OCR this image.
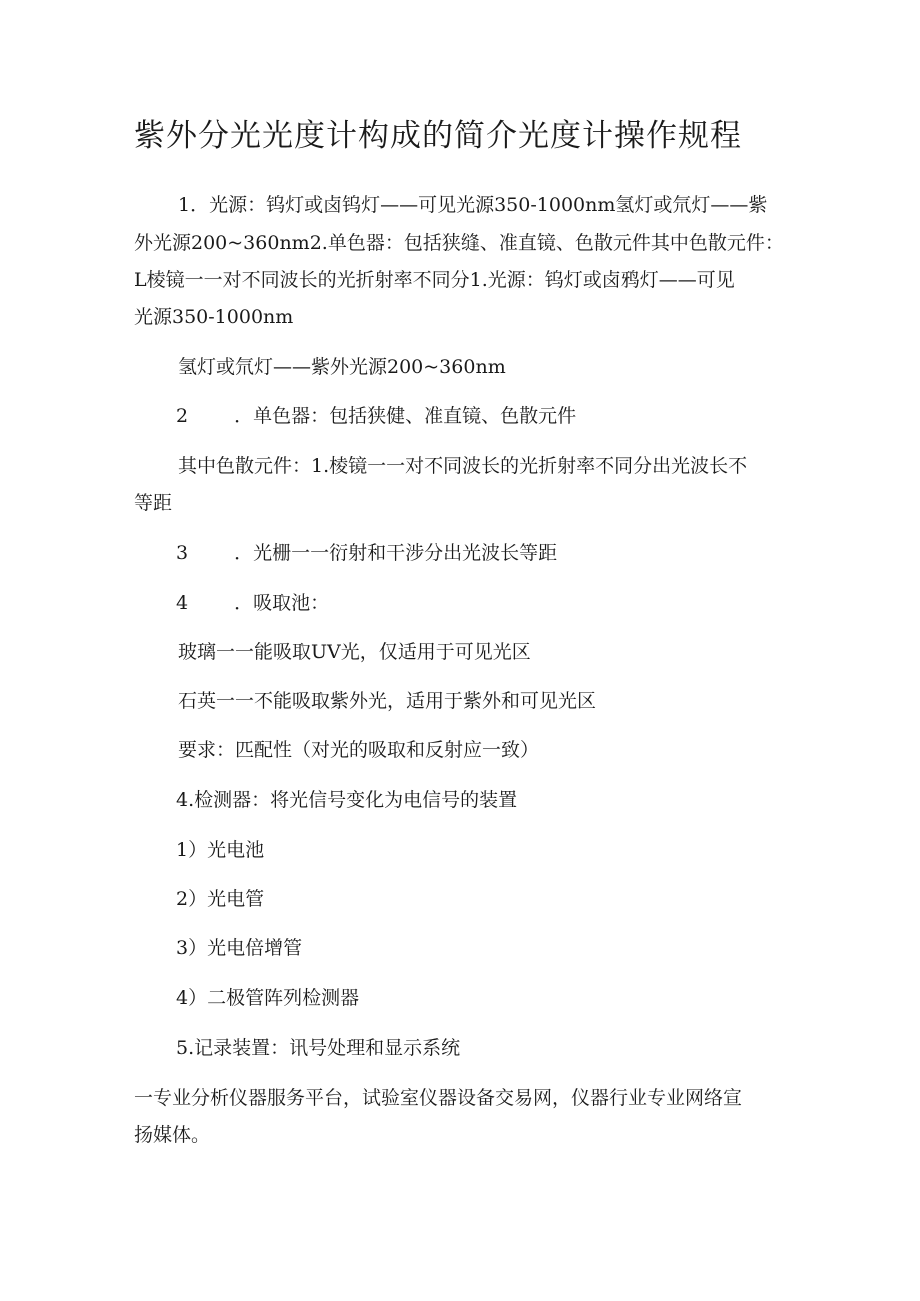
紫外分光光度计构成的简介光度计操作规程
1．光源：钨灯或卤钨灯——可见光源350-1000nm氢灯或氘灯——紫
外光源200~360nm2.单色器：包括狭缝、准直镜、色散元件其中色散元件：
L棱镜一一对不同波长的光折射率不同分1.光源：钨灯或卤鸦灯——可见
光源350-1000nm
氢灯或氘灯——紫外光源200~360nm
2 ．单色器：包括狭健、准直镜、色散元件
其中色散元件：1.棱镜一一对不同波长的光折射率不同分出光波长不
等距
3 ．光栅一一衍射和干涉分出光波长等距
4 ．吸取池：
玻璃一一能吸取UV光，仅适用于可见光区
石英一一不能吸取紫外光，适用于紫外和可见光区
要求：匹配性（对光的吸取和反射应一致）
4.检测器：将光信号变化为电信号的装置
1）光电池
2）光电管
3）光电倍增管
4）二极管阵列检测器
5.记录装置：讯号处理和显示系统
一专业分析仪器服务平台，试验室仪器设备交易网，仪器行业专业网络宣
扬媒体。
